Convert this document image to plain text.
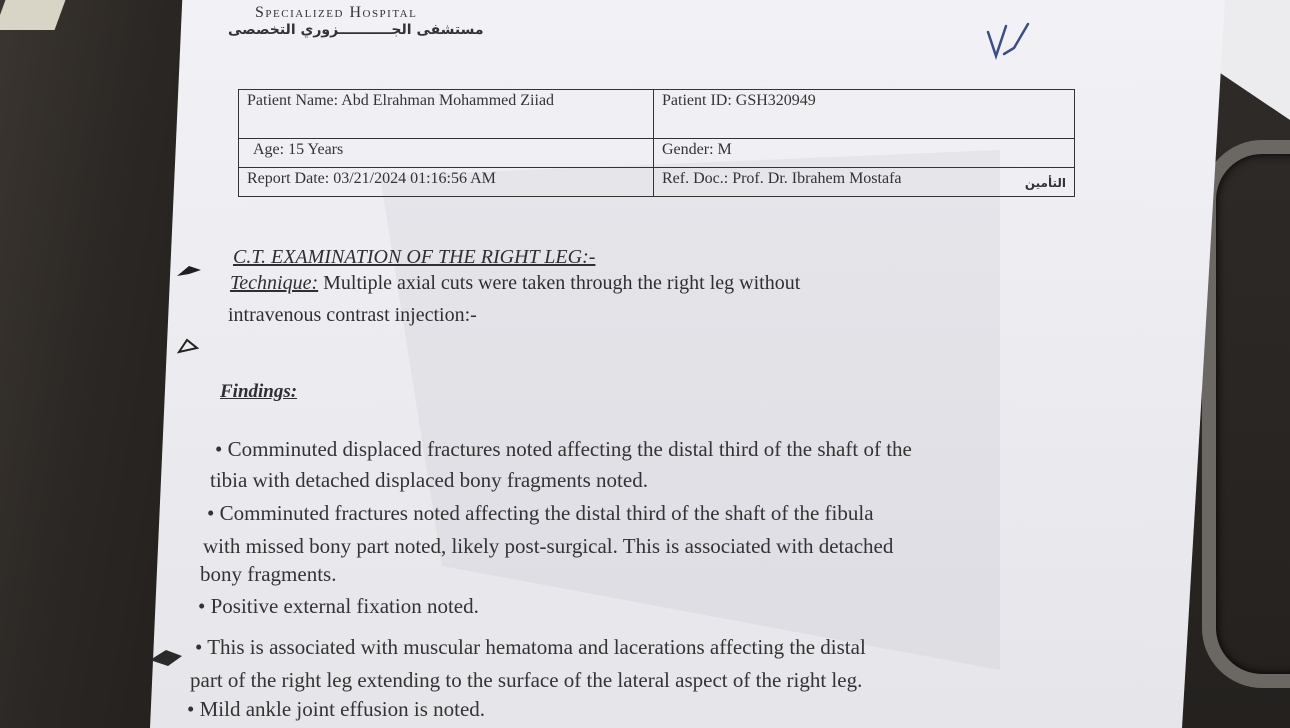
Specialized Hospital
مستشفى الجـــــــــــزوري التخصصى
Patient Name: Abd Elrahman Mohammed Ziiad	Patient ID: GSH320949
Age: 15 Years	Gender: M
Report Date: 03/21/2024 01:16:56 AM	Ref. Doc.: Prof. Dr. Ibrahem Mostafa التأمين
C.T. EXAMINATION OF THE RIGHT LEG:-
Technique: Multiple axial cuts were taken through the right leg without
intravenous contrast injection:-
Findings:
• Comminuted displaced fractures noted affecting the distal third of the shaft of the
tibia with detached displaced bony fragments noted.
• Comminuted fractures noted affecting the distal third of the shaft of the fibula
with missed bony part noted, likely post-surgical. This is associated with detached
bony fragments.
• Positive external fixation noted.
• This is associated with muscular hematoma and lacerations affecting the distal
part of the right leg extending to the surface of the lateral aspect of the right leg.
• Mild ankle joint effusion is noted.
